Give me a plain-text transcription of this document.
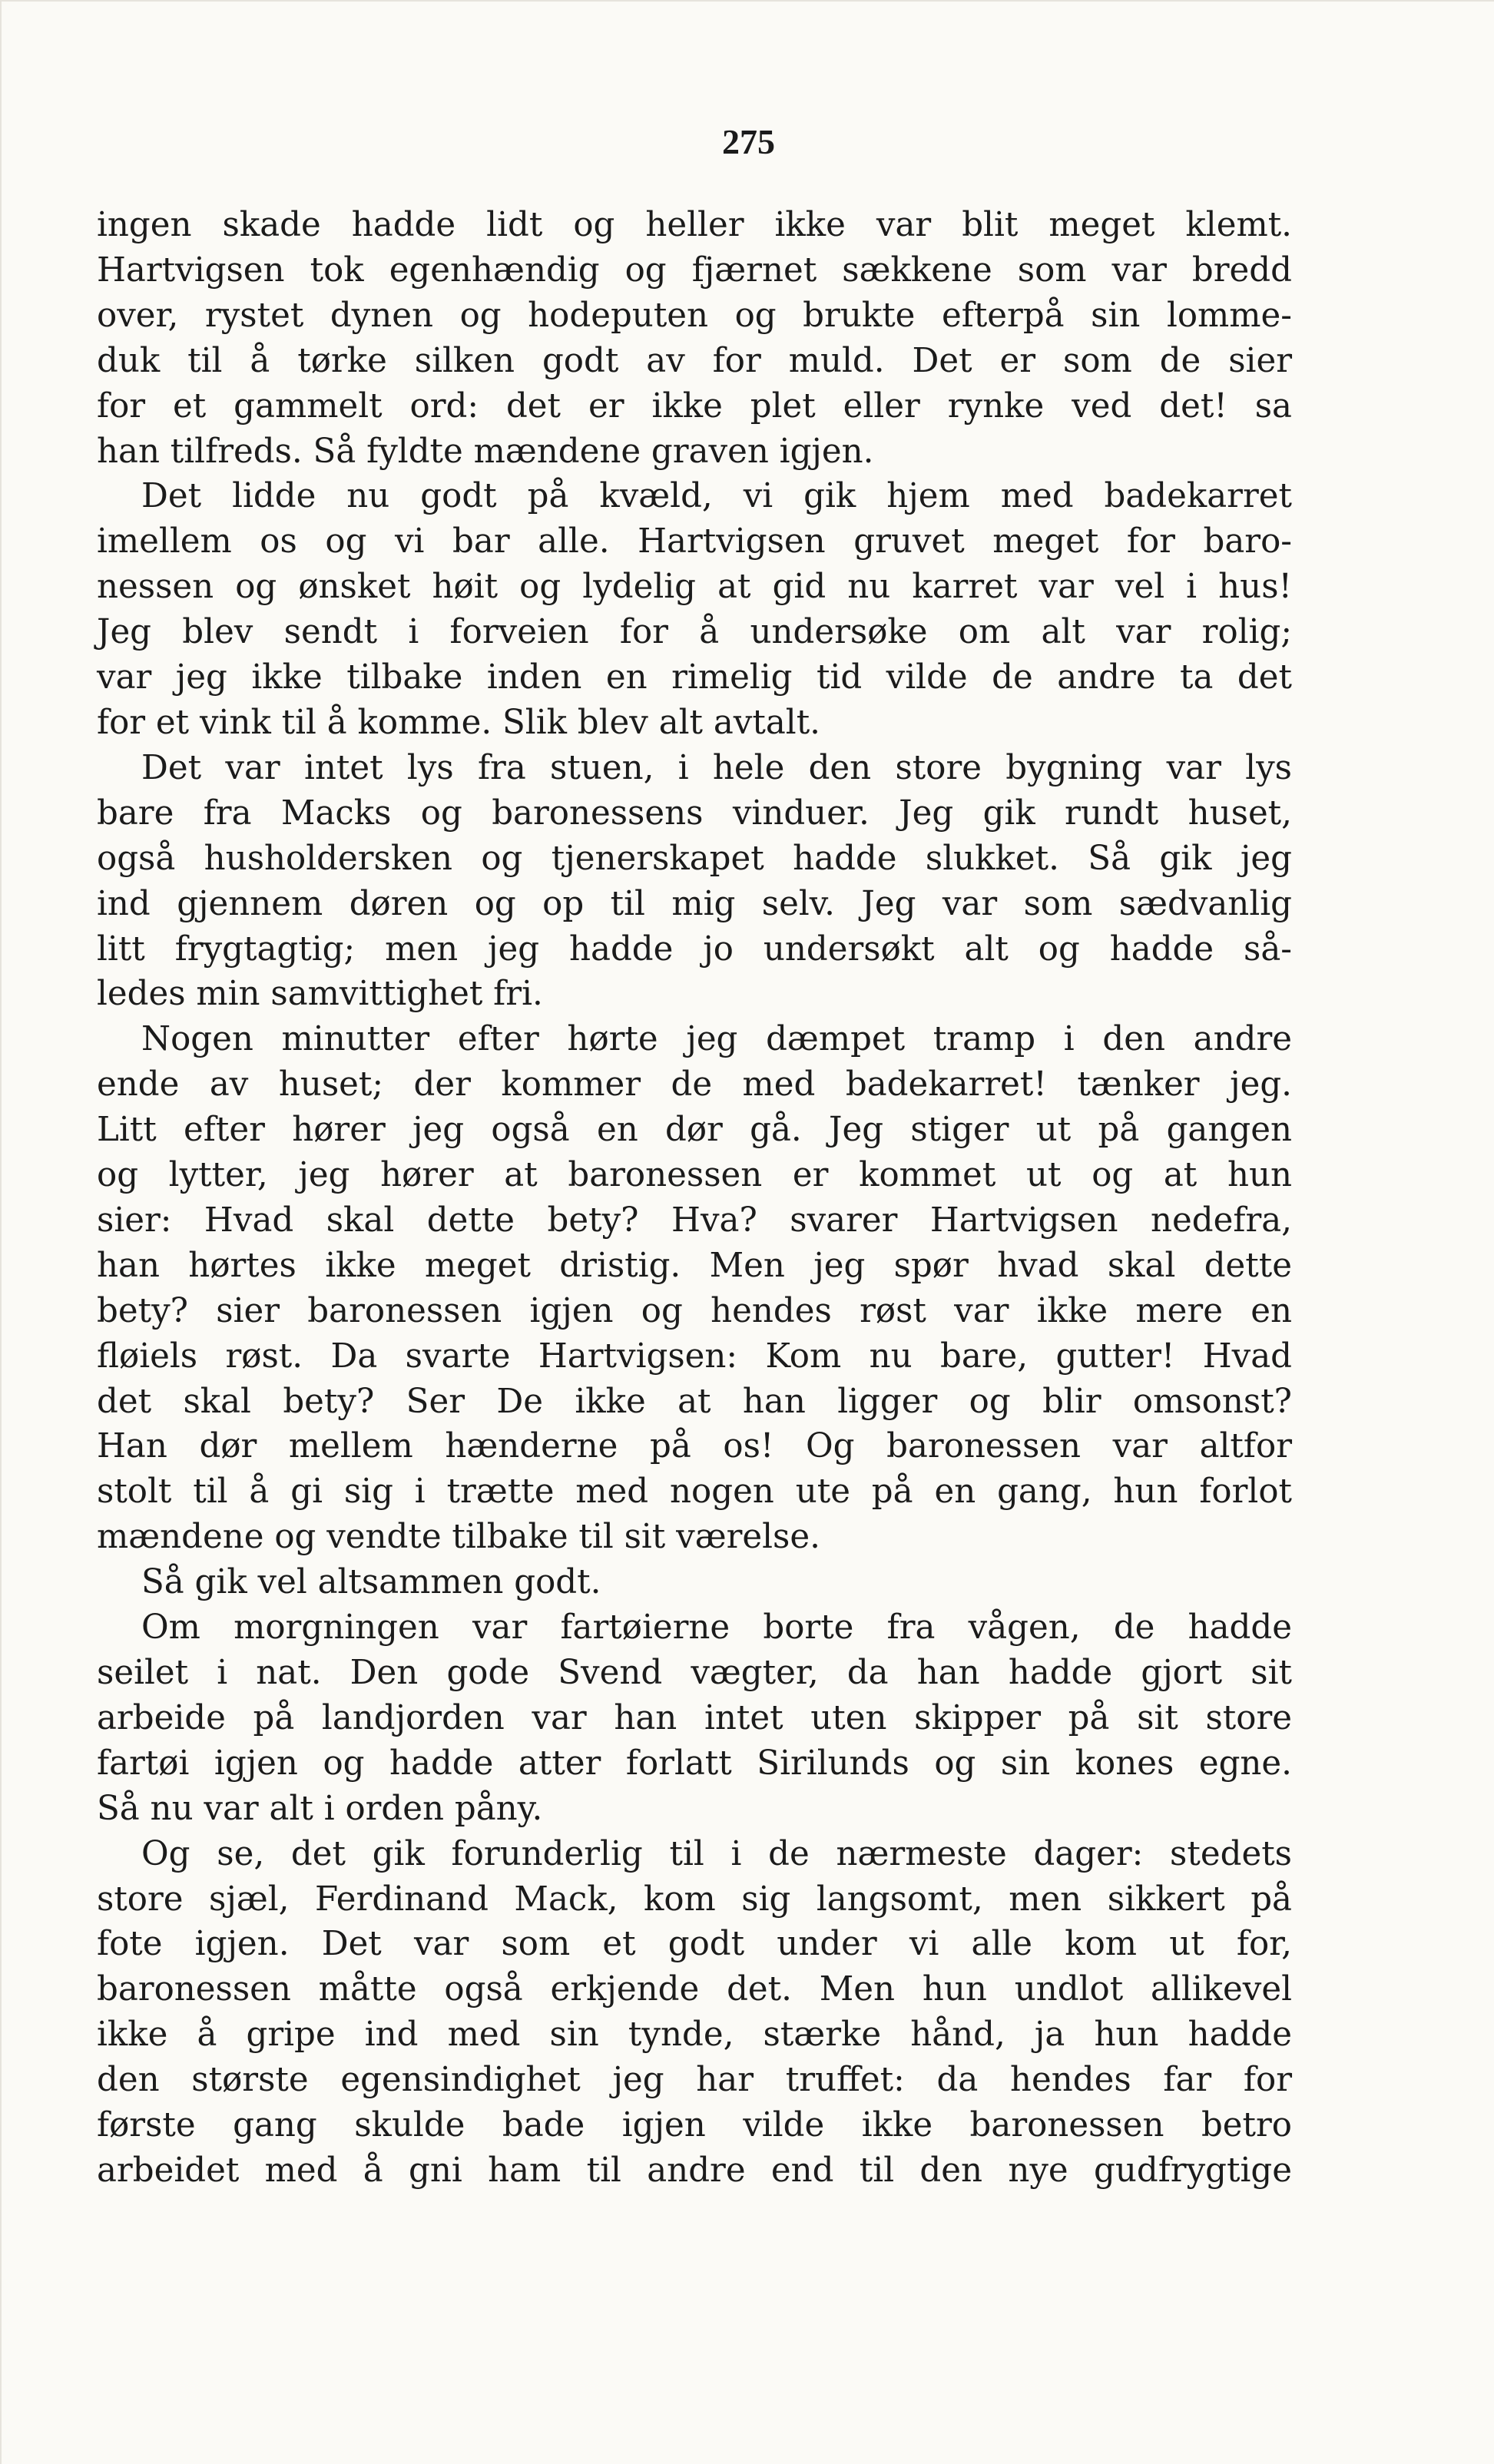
275
ingen skade hadde lidt og heller ikke var blit meget klemt.
Hartvigsen tok egenhændig og fjærnet sækkene som var bredd
over, rystet dynen og hodeputen og brukte efterpå sin lomme-
duk til å tørke silken godt av for muld. Det er som de sier
for et gammelt ord: det er ikke plet eller rynke ved det! sa
han tilfreds. Så fyldte mændene graven igjen.
Det lidde nu godt på kvæld, vi gik hjem med badekarret
imellem os og vi bar alle. Hartvigsen gruvet meget for baro-
nessen og ønsket høit og lydelig at gid nu karret var vel i hus!
Jeg blev sendt i forveien for å undersøke om alt var rolig;
var jeg ikke tilbake inden en rimelig tid vilde de andre ta det
for et vink til å komme. Slik blev alt avtalt.
Det var intet lys fra stuen, i hele den store bygning var lys
bare fra Macks og baronessens vinduer. Jeg gik rundt huset,
også husholdersken og tjenerskapet hadde slukket. Så gik jeg
ind gjennem døren og op til mig selv. Jeg var som sædvanlig
litt frygtagtig; men jeg hadde jo undersøkt alt og hadde så-
ledes min samvittighet fri.
Nogen minutter efter hørte jeg dæmpet tramp i den andre
ende av huset; der kommer de med badekarret! tænker jeg.
Litt efter hører jeg også en dør gå. Jeg stiger ut på gangen
og lytter, jeg hører at baronessen er kommet ut og at hun
sier: Hvad skal dette bety? Hva? svarer Hartvigsen nedefra,
han hørtes ikke meget dristig. Men jeg spør hvad skal dette
bety? sier baronessen igjen og hendes røst var ikke mere en
fløiels røst. Da svarte Hartvigsen: Kom nu bare, gutter! Hvad
det skal bety? Ser De ikke at han ligger og blir omsonst?
Han dør mellem hænderne på os! Og baronessen var altfor
stolt til å gi sig i trætte med nogen ute på en gang, hun forlot
mændene og vendte tilbake til sit værelse.
Så gik vel altsammen godt.
Om morgningen var fartøierne borte fra vågen, de hadde
seilet i nat. Den gode Svend vægter, da han hadde gjort sit
arbeide på landjorden var han intet uten skipper på sit store
fartøi igjen og hadde atter forlatt Sirilunds og sin kones egne.
Så nu var alt i orden påny.
Og se, det gik forunderlig til i de nærmeste dager: stedets
store sjæl, Ferdinand Mack, kom sig langsomt, men sikkert på
fote igjen. Det var som et godt under vi alle kom ut for,
baronessen måtte også erkjende det. Men hun undlot allikevel
ikke å gripe ind med sin tynde, stærke hånd, ja hun hadde
den største egensindighet jeg har truffet: da hendes far for
første gang skulde bade igjen vilde ikke baronessen betro
arbeidet med å gni ham til andre end til den nye gudfrygtige
